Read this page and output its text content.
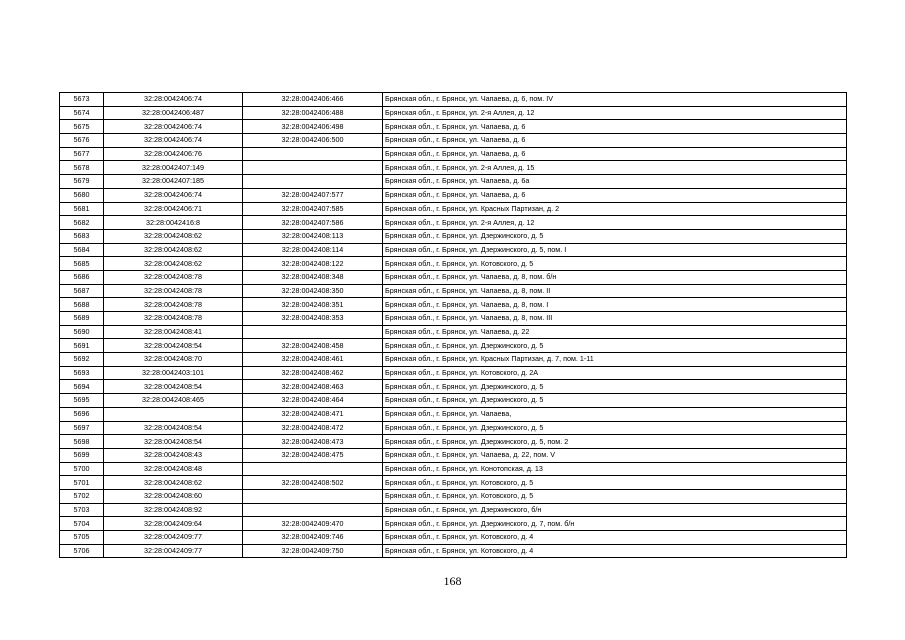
5673	32:28:0042406:74	32:28:0042406:466	Брянская обл., г. Брянск, ул. Чапаева, д. 6, пом. IV
5674	32:28:0042406:487	32:28:0042406:488	Брянская обл., г. Брянск, ул. 2-я Аллея, д. 12
5675	32:28:0042406:74	32:28:0042406:498	Брянская обл., г. Брянск, ул. Чапаева, д. 6
5676	32:28:0042406:74	32:28:0042406:500	Брянская обл., г. Брянск, ул. Чапаева, д. 6
5677	32:28:0042406:76		Брянская обл., г. Брянск, ул. Чапаева, д. 6
5678	32:28:0042407:149		Брянская обл., г. Брянск, ул. 2-я Аллея, д. 15
5679	32:28:0042407:185		Брянская обл., г. Брянск, ул. Чапаева, д. 6а
5680	32:28:0042406:74	32:28:0042407:577	Брянская обл., г. Брянск, ул. Чапаева, д. 6
5681	32:28:0042406:71	32:28:0042407:585	Брянская обл., г. Брянск, ул. Красных Партизан, д. 2
5682	32:28:0042416:8	32:28:0042407:586	Брянская обл., г. Брянск, ул. 2-я Аллея, д. 12
5683	32:28:0042408:62	32:28:0042408:113	Брянская обл., г. Брянск, ул. Дзержинского, д. 5
5684	32:28:0042408:62	32:28:0042408:114	Брянская обл., г. Брянск, ул. Дзержинского, д. 5, пом. I
5685	32:28:0042408:62	32:28:0042408:122	Брянская обл., г. Брянск, ул. Котовского, д. 5
5686	32:28:0042408:78	32:28:0042408:348	Брянская обл., г. Брянск, ул. Чапаева, д. 8, пом. б/н
5687	32:28:0042408:78	32:28:0042408:350	Брянская обл., г. Брянск, ул. Чапаева, д. 8, пом. II
5688	32:28:0042408:78	32:28:0042408:351	Брянская обл., г. Брянск, ул. Чапаева, д. 8, пом. I
5689	32:28:0042408:78	32:28:0042408:353	Брянская обл., г. Брянск, ул. Чапаева, д. 8, пом. III
5690	32:28:0042408:41		Брянская обл., г. Брянск, ул. Чапаева, д. 22
5691	32:28:0042408:54	32:28:0042408:458	Брянская обл., г. Брянск, ул. Дзержинского, д. 5
5692	32:28:0042408:70	32:28:0042408:461	Брянская обл., г. Брянск, ул. Красных Партизан, д. 7, пом. 1-11
5693	32:28:0042403:101	32:28:0042408:462	Брянская обл., г. Брянск, ул. Котовского, д. 2А
5694	32:28:0042408:54	32:28:0042408:463	Брянская обл., г. Брянск, ул. Дзержинского, д. 5
5695	32:28:0042408:465	32:28:0042408:464	Брянская обл., г. Брянск, ул. Дзержинского, д. 5
5696		32:28:0042408:471	Брянская обл., г. Брянск, ул. Чапаева,
5697	32:28:0042408:54	32:28:0042408:472	Брянская обл., г. Брянск, ул. Дзержинского, д. 5
5698	32:28:0042408:54	32:28:0042408:473	Брянская обл., г. Брянск, ул. Дзержинского, д. 5, пом. 2
5699	32:28:0042408:43	32:28:0042408:475	Брянская обл., г. Брянск, ул. Чапаева, д. 22, пом. V
5700	32:28:0042408:48		Брянская обл., г. Брянск, ул. Конотопская, д. 13
5701	32:28:0042408:62	32:28:0042408:502	Брянская обл., г. Брянск, ул. Котовского, д. 5
5702	32:28:0042408:60		Брянская обл., г. Брянск, ул. Котовского, д. 5
5703	32:28:0042408:92		Брянская обл., г. Брянск, ул. Дзержинского, б/н
5704	32:28:0042409:64	32:28:0042409:470	Брянская обл., г. Брянск, ул. Дзержинского, д. 7, пом. б/н
5705	32:28:0042409:77	32:28:0042409:746	Брянская обл., г. Брянск, ул. Котовского, д. 4
5706	32:28:0042409:77	32:28:0042409:750	Брянская обл., г. Брянск, ул. Котовского, д. 4
168
